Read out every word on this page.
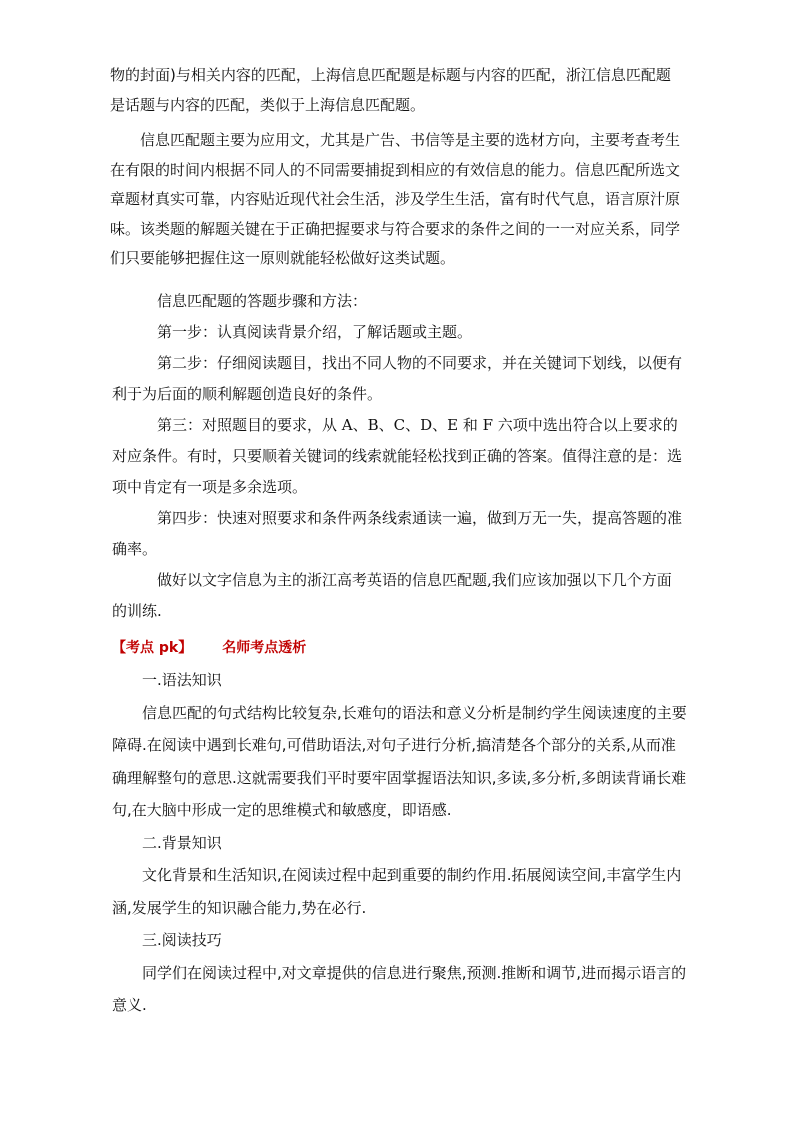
物的封面)与相关内容的匹配，上海信息匹配题是标题与内容的匹配，浙江信息匹配题是话题与内容的匹配，类似于上海信息匹配题。

信息匹配题主要为应用文，尤其是广告、书信等是主要的选材方向，主要考查考生在有限的时间内根据不同人的不同需要捕捉到相应的有效信息的能力。信息匹配所选文章题材真实可靠，内容贴近现代社会生活，涉及学生生活，富有时代气息，语言原汁原味。该类题的解题关键在于正确把握要求与符合要求的条件之间的一一对应关系，同学们只要能够把握住这一原则就能轻松做好这类试题。

信息匹配题的答题步骤和方法：

第一步：认真阅读背景介绍，了解话题或主题。

第二步：仔细阅读题目，找出不同人物的不同要求，并在关键词下划线，以便有利于为后面的顺利解题创造良好的条件。

第三：对照题目的要求，从 A、B、C、D、E 和 F 六项中选出符合以上要求的对应条件。有时，只要顺着关键词的线索就能轻松找到正确的答案。值得注意的是：选项中肯定有一项是多余选项。

第四步：快速对照要求和条件两条线索通读一遍，做到万无一失，提高答题的准确率。

做好以文字信息为主的浙江高考英语的信息匹配题,我们应该加强以下几个方面的训练.

【考点 pk】 名师考点透析

一.语法知识

信息匹配的句式结构比较复杂,长难句的语法和意义分析是制约学生阅读速度的主要障碍.在阅读中遇到长难句,可借助语法,对句子进行分析,搞清楚各个部分的关系,从而准确理解整句的意思.这就需要我们平时要牢固掌握语法知识,多读,多分析,多朗读背诵长难句,在大脑中形成一定的思维模式和敏感度，即语感.

二.背景知识

文化背景和生活知识,在阅读过程中起到重要的制约作用.拓展阅读空间,丰富学生内涵,发展学生的知识融合能力,势在必行.

三.阅读技巧

同学们在阅读过程中,对文章提供的信息进行聚焦,预测.推断和调节,进而揭示语言的意义.
